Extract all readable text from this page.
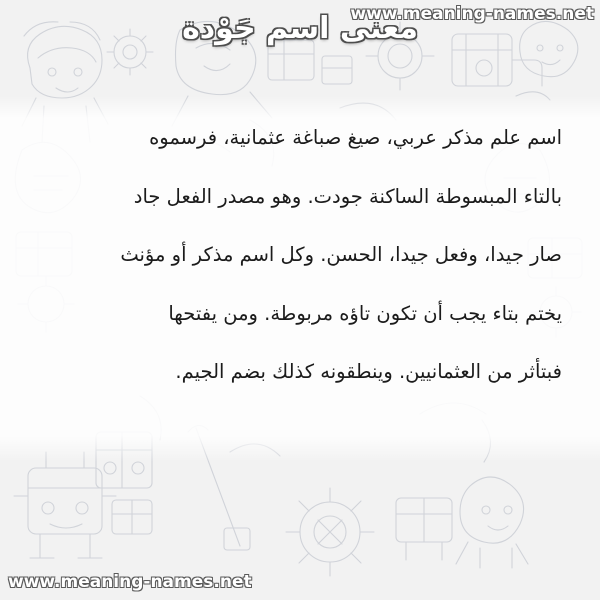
معنى اسم جَوْدة
www.meaning-names.net

اسم علم مذكر عربي، صيغ صباغة عثمانية، فرسموه

بالتاء المبسوطة الساكنة جودت. وهو مصدر الفعل جاد

صار جيدا، وفعل جيدا، الحسن. وكل اسم مذكر أو مؤنث

يختم بتاء يجب أن تكون تاؤه مربوطة. ومن يفتحها

فبتأثر من العثمانيين. وينطقونه كذلك بضم الجيم.

www.meaning-names.net
